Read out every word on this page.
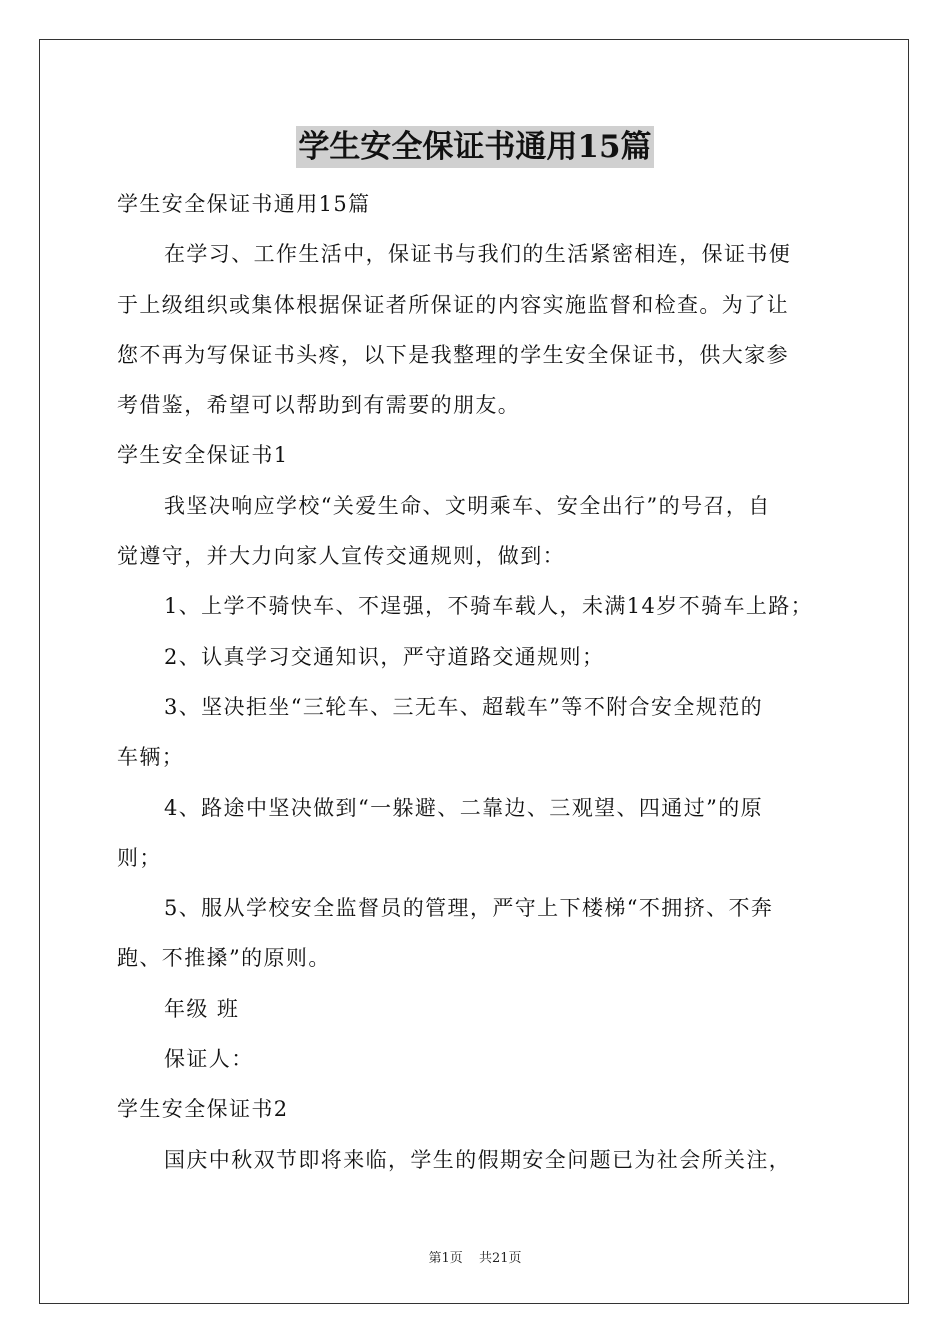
学生安全保证书通用15篇
学生安全保证书通用15篇
在学习、工作生活中，保证书与我们的生活紧密相连，保证书便
于上级组织或集体根据保证者所保证的内容实施监督和检查。为了让
您不再为写保证书头疼，以下是我整理的学生安全保证书，供大家参
考借鉴，希望可以帮助到有需要的朋友。
学生安全保证书1
我坚决响应学校“关爱生命、文明乘车、安全出行”的号召，自
觉遵守，并大力向家人宣传交通规则，做到：
1、上学不骑快车、不逞强，不骑车载人，未满14岁不骑车上路；
2、认真学习交通知识，严守道路交通规则；
3、坚决拒坐“三轮车、三无车、超载车”等不附合安全规范的
车辆；
4、路途中坚决做到“一躲避、二靠边、三观望、四通过”的原
则；
5、服从学校安全监督员的管理，严守上下楼梯“不拥挤、不奔
跑、不推搡”的原则。
年级 班
保证人：
学生安全保证书2
国庆中秋双节即将来临，学生的假期安全问题已为社会所关注，
第1页 共21页
